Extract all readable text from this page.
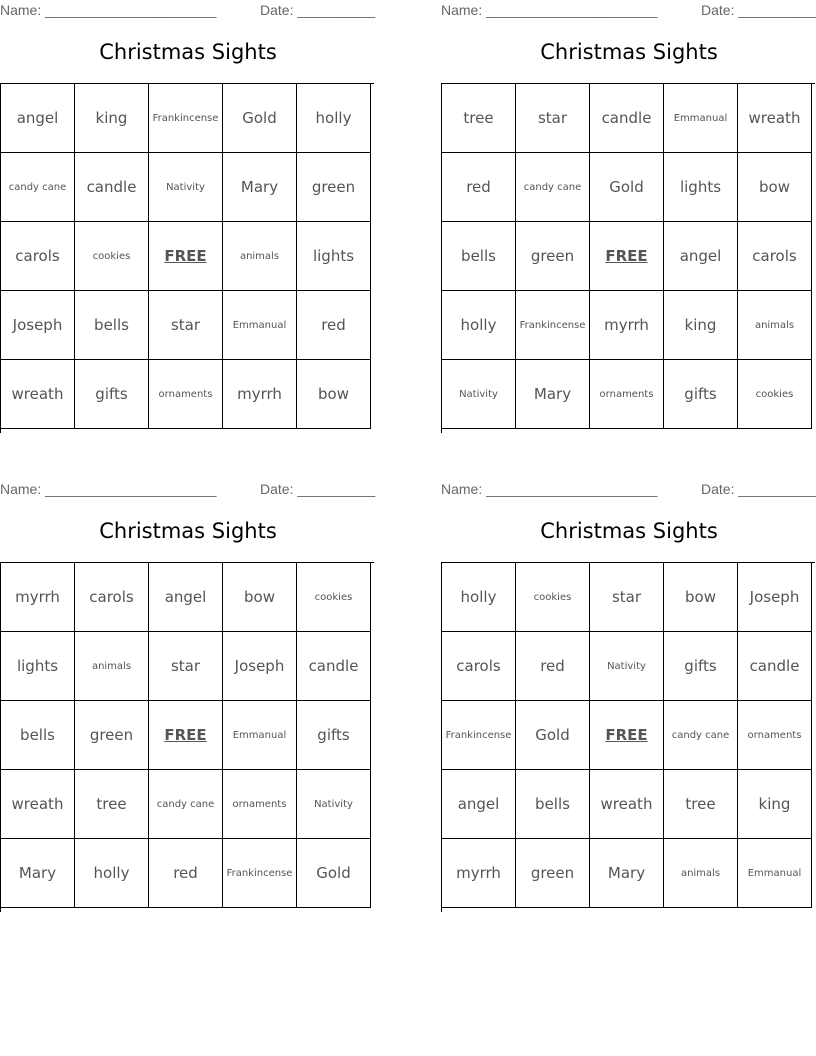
Name: ______________________	Date: __________
Christmas Sights
angel	king	Frankincense	Gold	holly
candy cane	candle	Nativity	Mary	green
carols	cookies	FREE	animals	lights
Joseph	bells	star	Emmanual	red
wreath	gifts	ornaments	myrrh	bow
Name: ______________________	Date: __________
Christmas Sights
tree	star	candle	Emmanual	wreath
red	candy cane	Gold	lights	bow
bells	green	FREE	angel	carols
holly	Frankincense	myrrh	king	animals
Nativity	Mary	ornaments	gifts	cookies
Name: ______________________	Date: __________
Christmas Sights
myrrh	carols	angel	bow	cookies
lights	animals	star	Joseph	candle
bells	green	FREE	Emmanual	gifts
wreath	tree	candy cane	ornaments	Nativity
Mary	holly	red	Frankincense	Gold
Name: ______________________	Date: __________
Christmas Sights
holly	cookies	star	bow	Joseph
carols	red	Nativity	gifts	candle
Frankincense	Gold	FREE	candy cane	ornaments
angel	bells	wreath	tree	king
myrrh	green	Mary	animals	Emmanual
